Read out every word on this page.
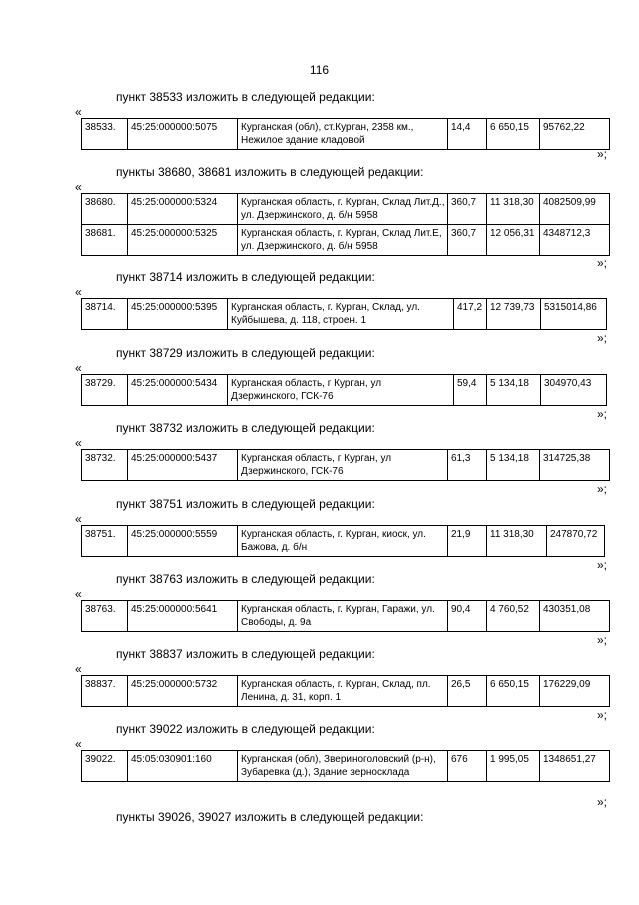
116
пункт 38533 изложить в следующей редакции:
«
38533.	45:25:000000:5075	Курганская (обл), ст.Курган, 2358 км., Нежилое здание кладовой	14,4	6 650,15	95762,22
»;
пункты 38680, 38681 изложить в следующей редакции:
«
38680.	45:25:000000:5324	Курганская область, г. Курган, Склад Лит.Д., ул. Дзержинского, д. б/н 5958	360,7	11 318,30	4082509,99
38681.	45:25:000000:5325	Курганская область, г. Курган, Склад Лит.Е, ул. Дзержинского, д. б/н 5958	360,7	12 056,31	4348712,3
»;
пункт 38714 изложить в следующей редакции:
«
38714.	45:25:000000:5395	Курганская область, г. Курган, Склад, ул. Куйбышева, д. 118, строен. 1	417,2	12 739,73	5315014,86
»;
пункт 38729 изложить в следующей редакции:
«
38729.	45:25:000000:5434	Курганская область, г Курган, ул Дзержинского, ГСК-76	59,4	5 134,18	304970,43
»;
пункт 38732 изложить в следующей редакции:
«
38732.	45:25:000000:5437	Курганская область, г Курган, ул Дзержинского, ГСК-76	61,3	5 134,18	314725,38
»;
пункт 38751 изложить в следующей редакции:
«
38751.	45:25:000000:5559	Курганская область, г. Курган, киоск, ул. Бажова, д. б/н	21,9	11 318,30	247870,72
»;
пункт 38763 изложить в следующей редакции:
«
38763.	45:25:000000:5641	Курганская область, г. Курган, Гаражи, ул. Свободы, д. 9а	90,4	4 760,52	430351,08
»;
пункт 38837 изложить в следующей редакции:
«
38837.	45:25:000000:5732	Курганская область, г. Курган, Склад, пл. Ленина, д. 31, корп. 1	26,5	6 650,15	176229,09
»;
пункт 39022 изложить в следующей редакции:
«
39022.	45:05:030901:160	Курганская (обл), Звериноголовский (р-н), Зубаревка (д.), Здание зерносклада	676	1 995,05	1348651,27
»;
пункты 39026, 39027 изложить в следующей редакции:
